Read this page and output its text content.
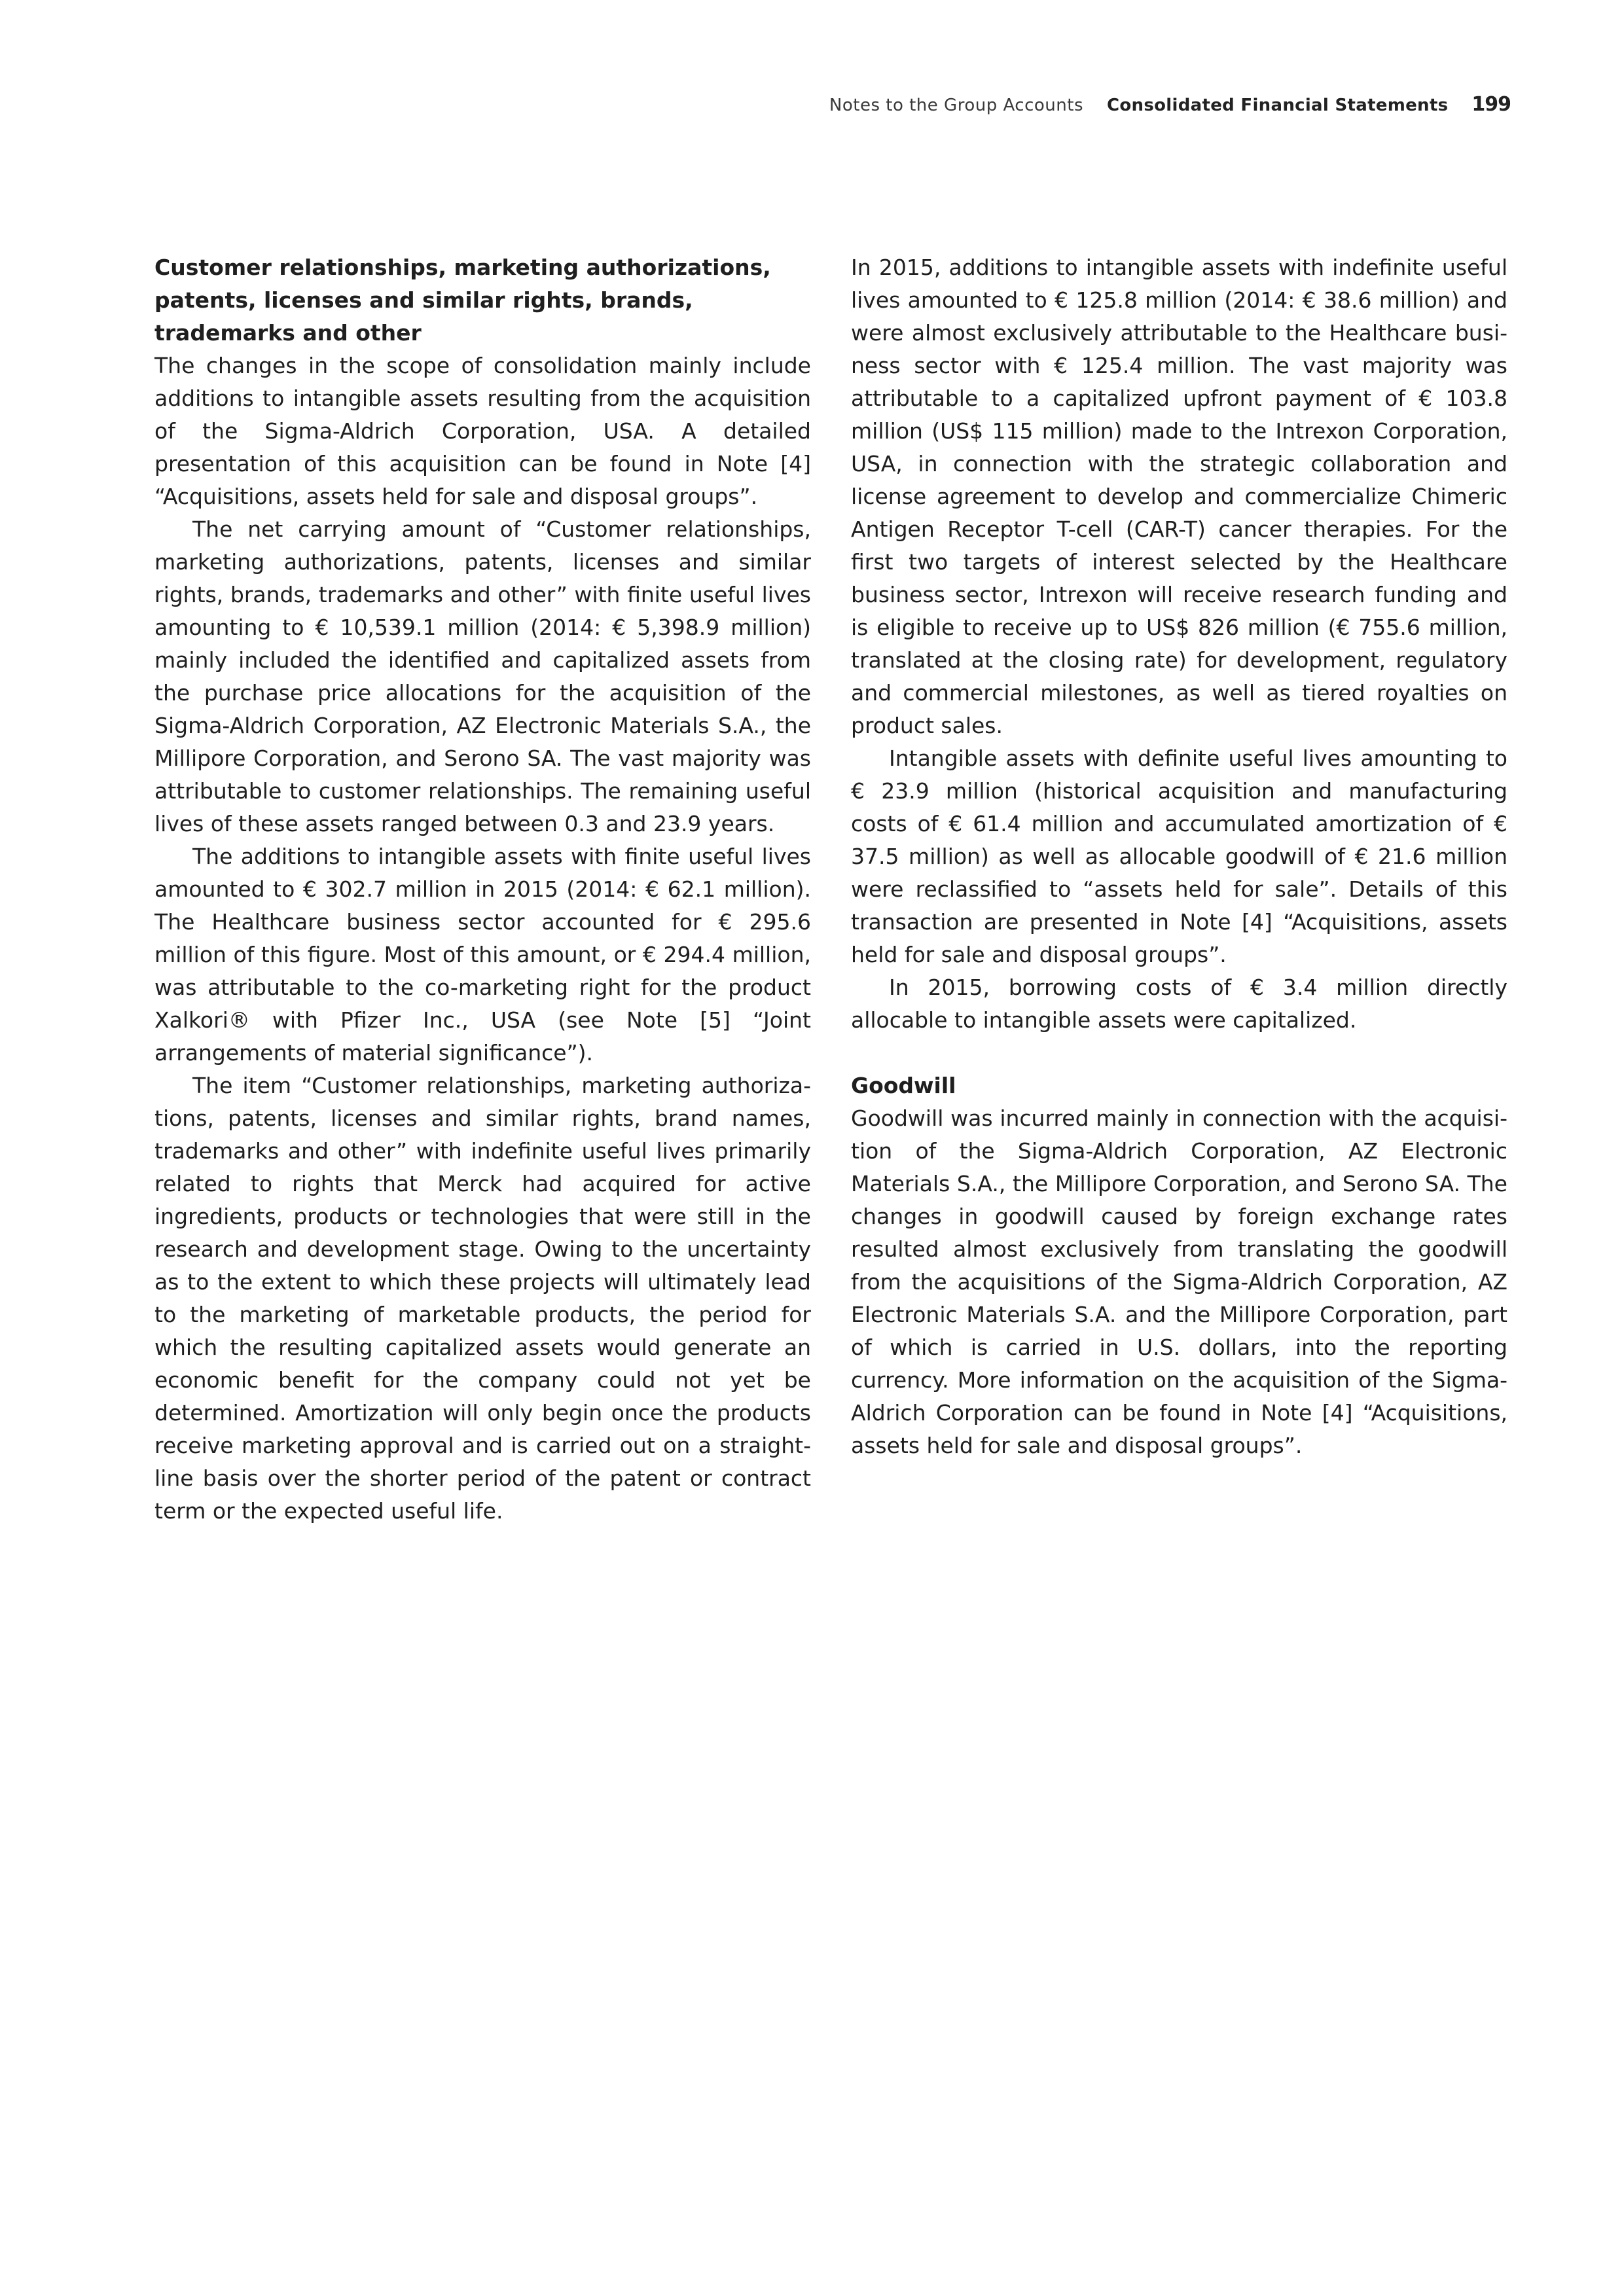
Notes to the Group Accounts Consolidated Financial Statements 199

Customer relationships, marketing authorizations, patents, licenses and similar rights, brands, trademarks and other

The changes in the scope of consolidation mainly include additions to intangible assets resulting from the acquisition of the Sigma-Aldrich Corporation, USA. A detailed presentation of this acquisition can be found in Note [4] “Acquisitions, assets held for sale and disposal groups”.

The net carrying amount of “Customer relationships, marketing authorizations, patents, licenses and similar rights, brands, trademarks and other” with finite useful lives amounting to € 10,539.1 million (2014: € 5,398.9 million) mainly included the identified and capitalized assets from the purchase price allocations for the acquisition of the Sigma-Aldrich Corporation, AZ Electronic Materials S.A., the Millipore Corporation, and Serono SA. The vast majority was attributable to customer relationships. The remaining useful lives of these assets ranged between 0.3 and 23.9 years.

The additions to intangible assets with finite useful lives amounted to € 302.7 million in 2015 (2014: € 62.1 million). The Healthcare business sector accounted for € 295.6 million of this figure. Most of this amount, or € 294.4 million, was attributable to the co-marketing right for the product Xalkori® with Pfizer Inc., USA (see Note [5] “Joint arrangements of material significance”).

The item “Customer relationships, marketing authorizations, patents, licenses and similar rights, brand names, trademarks and other” with indefinite useful lives primarily related to rights that Merck had acquired for active ingredients, products or technologies that were still in the research and development stage. Owing to the uncertainty as to the extent to which these projects will ultimately lead to the marketing of marketable products, the period for which the resulting capitalized assets would generate an economic benefit for the company could not yet be determined. Amortization will only begin once the products receive marketing approval and is carried out on a straight-line basis over the shorter period of the patent or contract term or the expected useful life.

In 2015, additions to intangible assets with indefinite useful lives amounted to € 125.8 million (2014: € 38.6 million) and were almost exclusively attributable to the Healthcare business sector with € 125.4 million. The vast majority was attributable to a capitalized upfront payment of € 103.8 million (US$ 115 million) made to the Intrexon Corporation, USA, in connection with the strategic collaboration and license agreement to develop and commercialize Chimeric Antigen Receptor T-cell (CAR-T) cancer therapies. For the first two targets of interest selected by the Healthcare business sector, Intrexon will receive research funding and is eligible to receive up to US$ 826 million (€ 755.6 million, translated at the closing rate) for development, regulatory and commercial milestones, as well as tiered royalties on product sales.

Intangible assets with definite useful lives amounting to € 23.9 million (historical acquisition and manufacturing costs of € 61.4 million and accumulated amortization of € 37.5 million) as well as allocable goodwill of € 21.6 million were reclassified to “assets held for sale”. Details of this transaction are presented in Note [4] “Acquisitions, assets held for sale and disposal groups”.

In 2015, borrowing costs of € 3.4 million directly allocable to intangible assets were capitalized.

Goodwill

Goodwill was incurred mainly in connection with the acquisition of the Sigma-Aldrich Corporation, AZ Electronic Materials S.A., the Millipore Corporation, and Serono SA. The changes in goodwill caused by foreign exchange rates resulted almost exclusively from translating the goodwill from the acquisitions of the Sigma-Aldrich Corporation, AZ Electronic Materials S.A. and the Millipore Corporation, part of which is carried in U.S. dollars, into the reporting currency. More information on the acquisition of the Sigma-Aldrich Corporation can be found in Note [4] “Acquisitions, assets held for sale and disposal groups”.
